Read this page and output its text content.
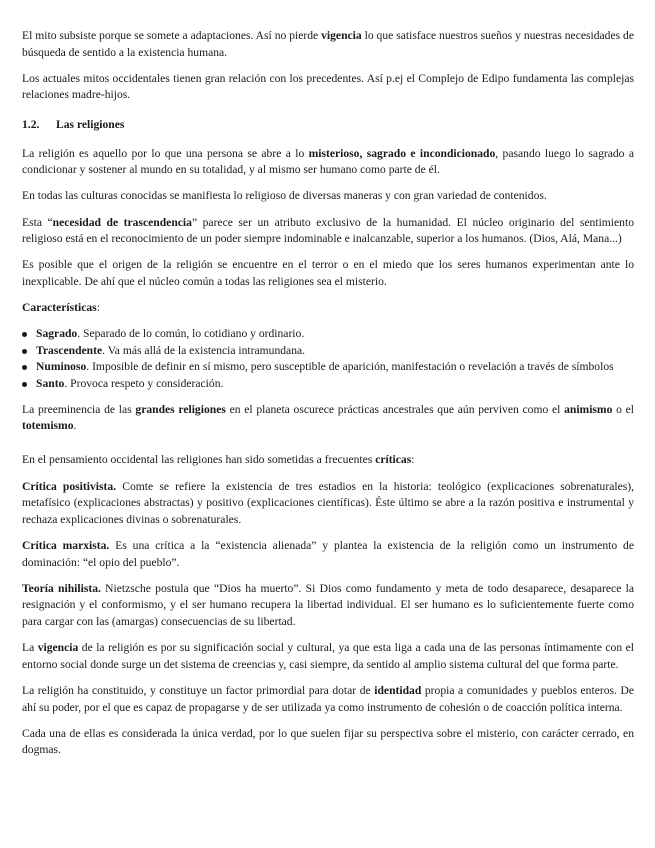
El mito subsiste porque se somete a adaptaciones. Así no pierde vigencia lo que satisface nuestros sueños y nuestras necesidades de búsqueda de sentido a la existencia humana.

Los actuales mitos occidentales tienen gran relación con los precedentes. Así p.ej el Complejo de Edipo fundamenta las complejas relaciones madre-hijos.

1.2. Las religiones

La religión es aquello por lo que una persona se abre a lo misterioso, sagrado e incondicionado, pasando luego lo sagrado a condicionar y sostener al mundo en su totalidad, y al mismo ser humano como parte de él.

En todas las culturas conocidas se manifiesta lo religioso de diversas maneras y con gran variedad de contenidos.

Esta “necesidad de trascendencia” parece ser un atributo exclusivo de la humanidad. El núcleo originario del sentimiento religioso está en el reconocimiento de un poder siempre indominable e inalcanzable, superior a los humanos. (Dios, Alá, Mana...)

Es posible que el origen de la religión se encuentre en el terror o en el miedo que los seres humanos experimentan ante lo inexplicable. De ahí que el núcleo común a todas las religiones sea el misterio.

Características:

Sagrado. Separado de lo común, lo cotidiano y ordinario.
Trascendente. Va más allá de la existencia intramundana.
Numinoso. Imposible de definir en sí mismo, pero susceptible de aparición, manifestación o revelación a través de símbolos
Santo. Provoca respeto y consideración.

La preeminencia de las grandes religiones en el planeta oscurece prácticas ancestrales que aún perviven como el animismo o el totemismo.

En el pensamiento occidental las religiones han sido sometidas a frecuentes críticas:

Crítica positivista. Comte se refiere la existencia de tres estadios en la historia: teológico (explicaciones sobrenaturales), metafísico (explicaciones abstractas) y positivo (explicaciones científicas). Éste último se abre a la razón positiva e instrumental y rechaza explicaciones divinas o sobrenaturales.

Crítica marxista. Es una crítica a la “existencia alienada” y plantea la existencia de la religión como un instrumento de dominación: “el opio del pueblo”.

Teoría nihilista. Nietzsche postula que “Dios ha muerto”. Si Dios como fundamento y meta de todo desaparece, desaparece la resignación y el conformismo, y el ser humano recupera la libertad individual. El ser humano es lo suficientemente fuerte como para cargar con las (amargas) consecuencias de su libertad.

La vigencia de la religión es por su significación social y cultural, ya que esta liga a cada una de las personas íntimamente con el entorno social donde surge un det sistema de creencias y, casi siempre, da sentido al amplio sistema cultural del que forma parte.

La religión ha constituido, y constituye un factor primordial para dotar de identidad propia a comunidades y pueblos enteros. De ahí su poder, por el que es capaz de propagarse y de ser utilizada ya como instrumento de cohesión o de coacción política interna.

Cada una de ellas es considerada la única verdad, por lo que suelen fijar su perspectiva sobre el misterio, con carácter cerrado, en dogmas.
